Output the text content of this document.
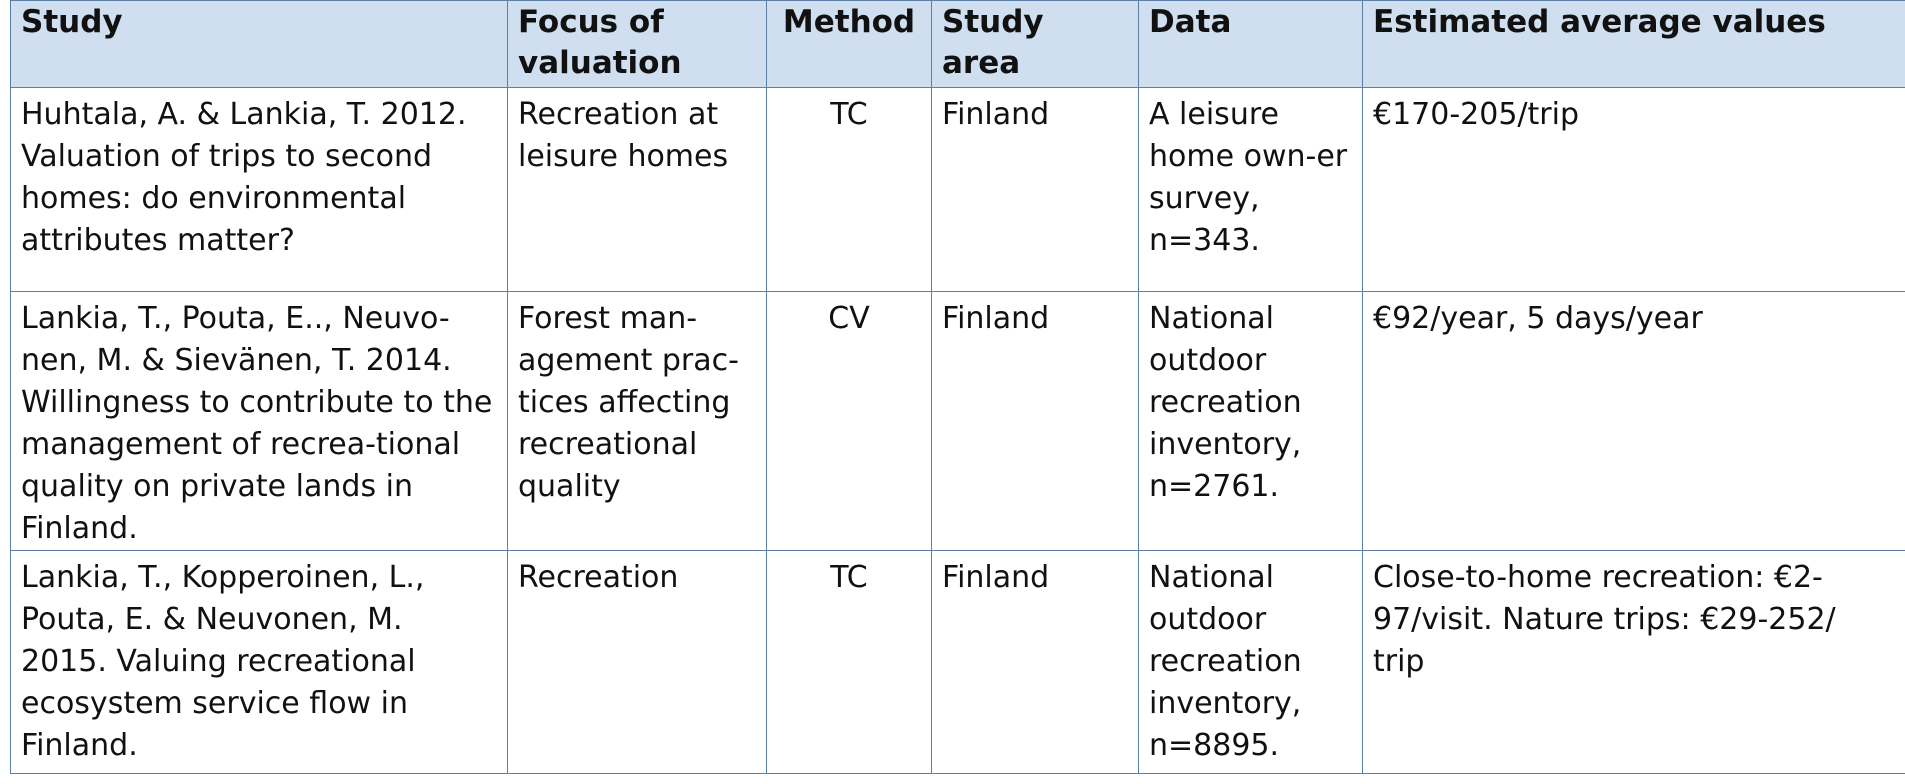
Study	Focus of valuation	Method	Study area	Data	Estimated average values
Huhtala, A. & Lankia, T. 2012. Valuation of trips to second homes: do environmental attributes matter?	Recreation at leisure homes	TC	Finland	A leisure home own-er survey, n=343.	€170-205/trip
Lankia, T., Pouta, E.., Neuvo-nen, M. & Sievänen, T. 2014. Willingness to contribute to the management of recrea-tional quality on private lands in Finland.	Forest man-agement prac-tices affecting recreational quality	CV	Finland	National outdoor recreation inventory, n=2761.	€92/year, 5 days/year
Lankia, T., Kopperoinen, L., Pouta, E. & Neuvonen, M. 2015. Valuing recreational ecosystem service flow in Finland.	Recreation	TC	Finland	National outdoor recreation inventory, n=8895.	Close-to-home recreation: €2-97/visit. Nature trips: €29-252/ trip
